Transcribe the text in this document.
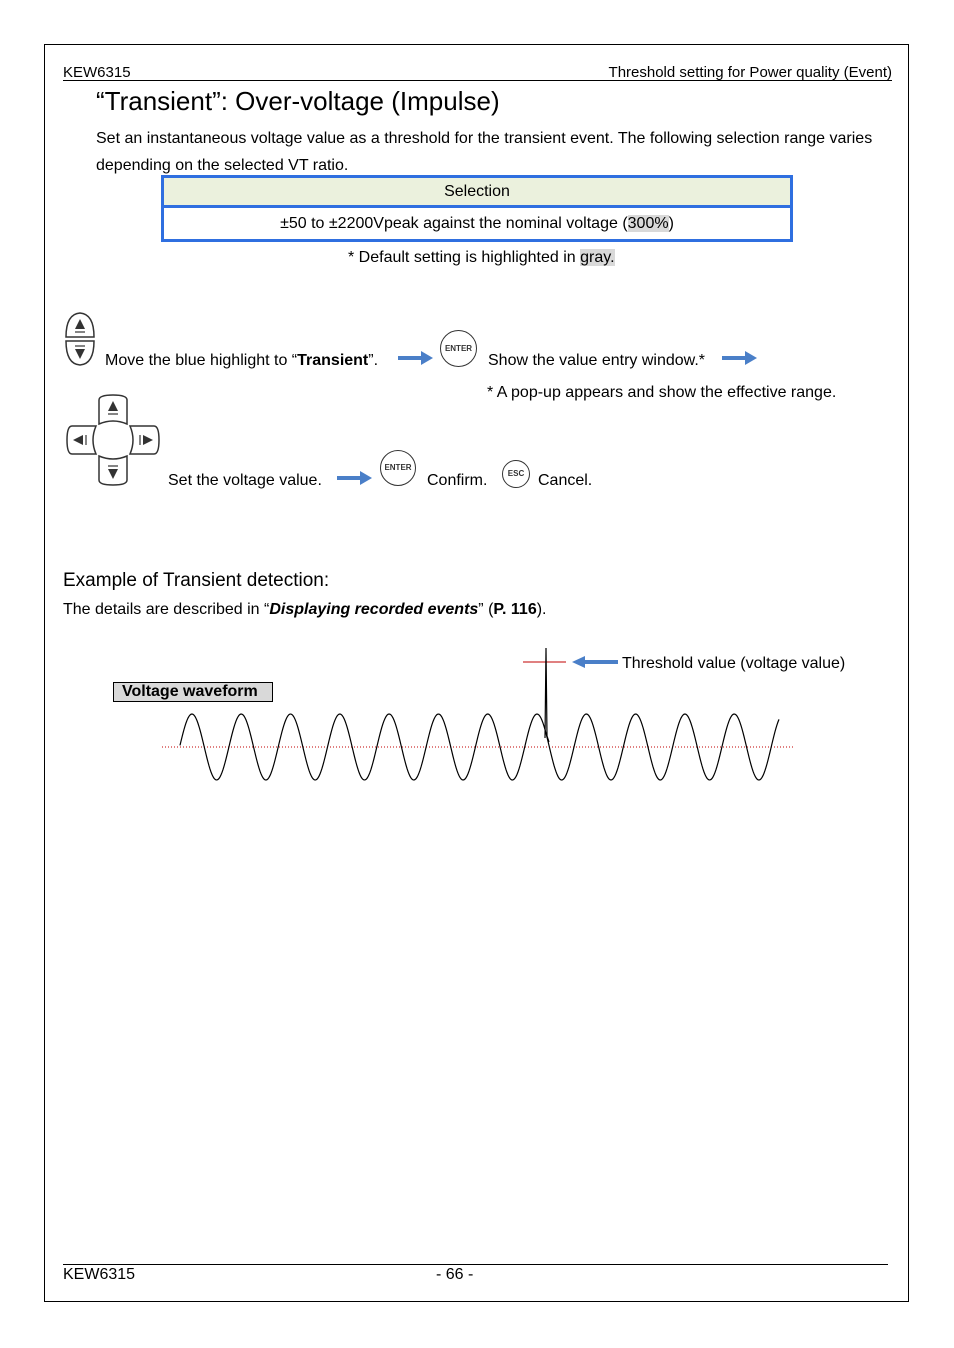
KEW6315	Threshold setting for Power quality (Event)
“Transient”: Over-voltage (Impulse)
Set an instantaneous voltage value as a threshold for the transient event. The following selection range varies depending on the selected VT ratio.
Selection
±50 to ±2200Vpeak against the nominal voltage (300%)
* Default setting is highlighted in gray.
Move the blue highlight to “Transient”.
ENTER
Show the value entry window.*
* A pop-up appears and show the effective range.
Set the voltage value.
ENTER
Confirm.	ESC Cancel.
Example of Transient detection:
The details are described in “Displaying recorded events” (P. 116).
Voltage waveform
Threshold value (voltage value)
KEW6315	- 66 -
